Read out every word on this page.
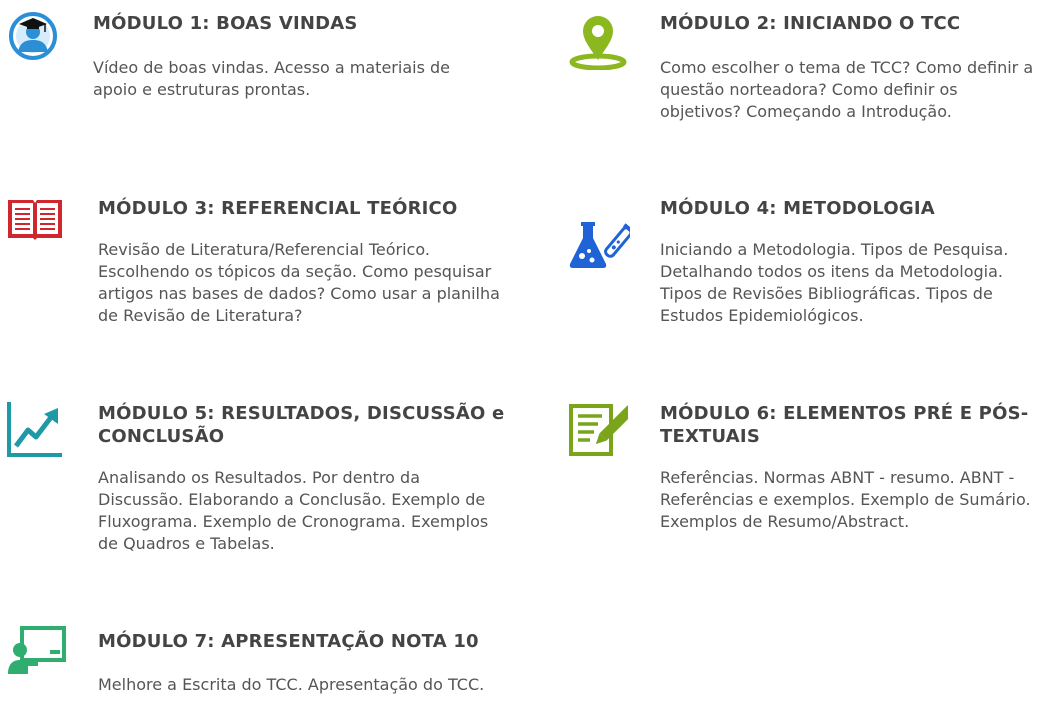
MÓDULO 1: BOAS VINDAS
Vídeo de boas vindas. Acesso a materiais de apoio e estruturas prontas.
MÓDULO 2: INICIANDO O TCC
Como escolher o tema de TCC? Como definir a questão norteadora? Como definir os objetivos? Começando a Introdução.
MÓDULO 3: REFERENCIAL TEÓRICO
Revisão de Literatura/Referencial Teórico. Escolhendo os tópicos da seção. Como pesquisar artigos nas bases de dados? Como usar a planilha de Revisão de Literatura?
MÓDULO 4: METODOLOGIA
Iniciando a Metodologia. Tipos de Pesquisa. Detalhando todos os itens da Metodologia. Tipos de Revisões Bibliográficas. Tipos de Estudos Epidemiológicos.
MÓDULO 5: RESULTADOS, DISCUSSÃO e CONCLUSÃO
Analisando os Resultados. Por dentro da Discussão. Elaborando a Conclusão. Exemplo de Fluxograma. Exemplo de Cronograma. Exemplos de Quadros e Tabelas.
MÓDULO 6: ELEMENTOS PRÉ E PÓS-TEXTUAIS
Referências. Normas ABNT - resumo. ABNT - Referências e exemplos. Exemplo de Sumário. Exemplos de Resumo/Abstract.
MÓDULO 7: APRESENTAÇÃO NOTA 10
Melhore a Escrita do TCC. Apresentação do TCC.
